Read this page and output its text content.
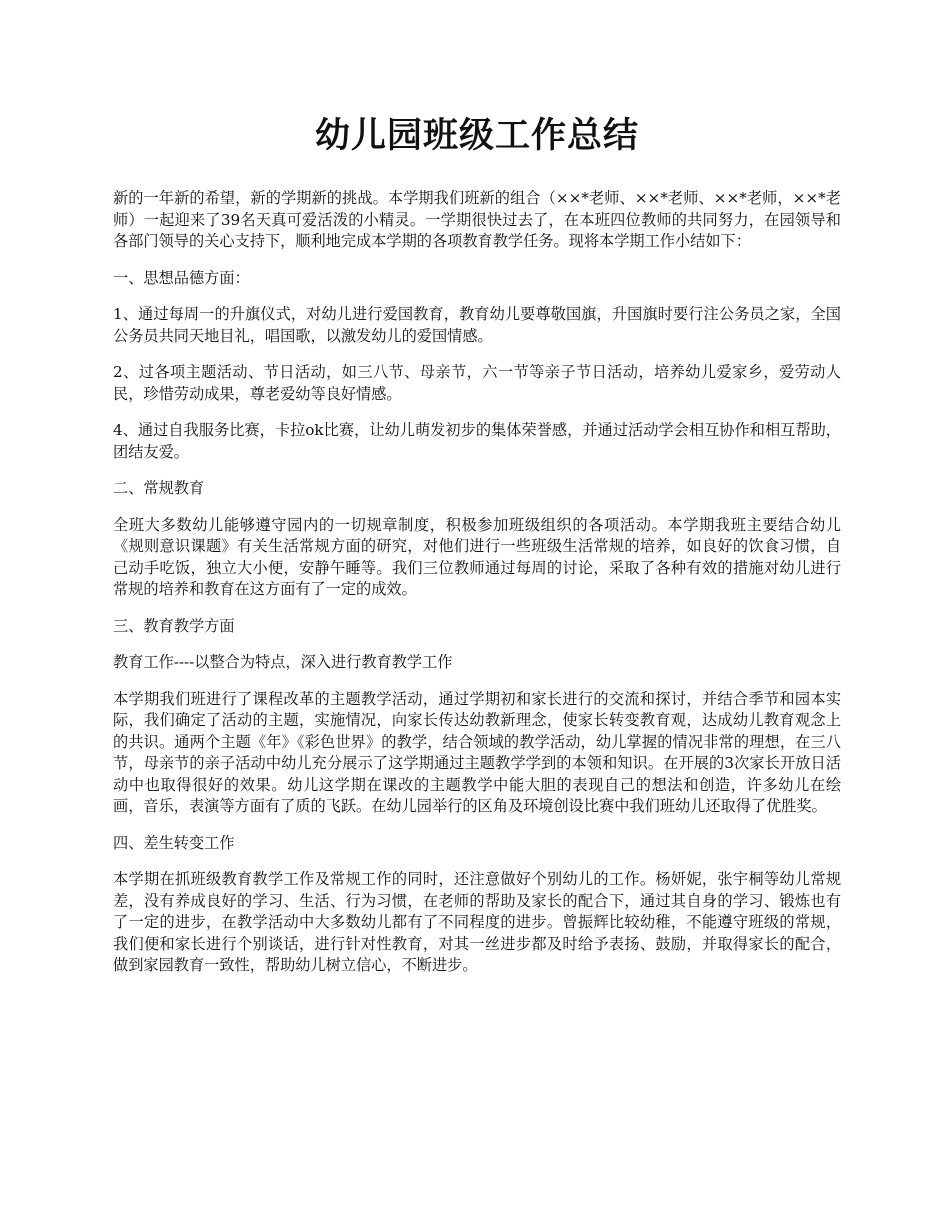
幼儿园班级工作总结

新的一年新的希望，新的学期新的挑战。本学期我们班新的组合（××*老师、××*老师、××*老师，××*老师）一起迎来了39名天真可爱活泼的小精灵。一学期很快过去了，在本班四位教师的共同努力，在园领导和各部门领导的关心支持下，顺利地完成本学期的各项教育教学任务。现将本学期工作小结如下：

一、思想品德方面：

1、通过每周一的升旗仪式，对幼儿进行爱国教育，教育幼儿要尊敬国旗，升国旗时要行注公务员之家，全国公务员共同天地目礼，唱国歌，以激发幼儿的爱国情感。

2、过各项主题活动、节日活动，如三八节、母亲节，六一节等亲子节日活动，培养幼儿爱家乡，爱劳动人民，珍惜劳动成果，尊老爱幼等良好情感。

4、通过自我服务比赛，卡拉ok比赛，让幼儿萌发初步的集体荣誉感，并通过活动学会相互协作和相互帮助，团结友爱。

二、常规教育

全班大多数幼儿能够遵守园内的一切规章制度，积极参加班级组织的各项活动。本学期我班主要结合幼儿《规则意识课题》有关生活常规方面的研究，对他们进行一些班级生活常规的培养，如良好的饮食习惯，自己动手吃饭，独立大小便，安静午睡等。我们三位教师通过每周的讨论，采取了各种有效的措施对幼儿进行常规的培养和教育在这方面有了一定的成效。

三、教育教学方面

教育工作----以整合为特点，深入进行教育教学工作

本学期我们班进行了课程改革的主题教学活动，通过学期初和家长进行的交流和探讨，并结合季节和园本实际，我们确定了活动的主题，实施情况，向家长传达幼教新理念，使家长转变教育观，达成幼儿教育观念上的共识。通两个主题《年》《彩色世界》的教学，结合领域的教学活动，幼儿掌握的情况非常的理想，在三八节，母亲节的亲子活动中幼儿充分展示了这学期通过主题教学学到的本领和知识。在开展的3次家长开放日活动中也取得很好的效果。幼儿这学期在课改的主题教学中能大胆的表现自己的想法和创造，许多幼儿在绘画，音乐，表演等方面有了质的飞跃。在幼儿园举行的区角及环境创设比赛中我们班幼儿还取得了优胜奖。

四、差生转变工作

本学期在抓班级教育教学工作及常规工作的同时，还注意做好个别幼儿的工作。杨妍妮，张宇桐等幼儿常规差，没有养成良好的学习、生活、行为习惯，在老师的帮助及家长的配合下，通过其自身的学习、锻炼也有了一定的进步，在教学活动中大多数幼儿都有了不同程度的进步。曾振辉比较幼稚，不能遵守班级的常规，我们便和家长进行个别谈话，进行针对性教育，对其一丝进步都及时给予表扬、鼓励，并取得家长的配合，做到家园教育一致性，帮助幼儿树立信心，不断进步。
